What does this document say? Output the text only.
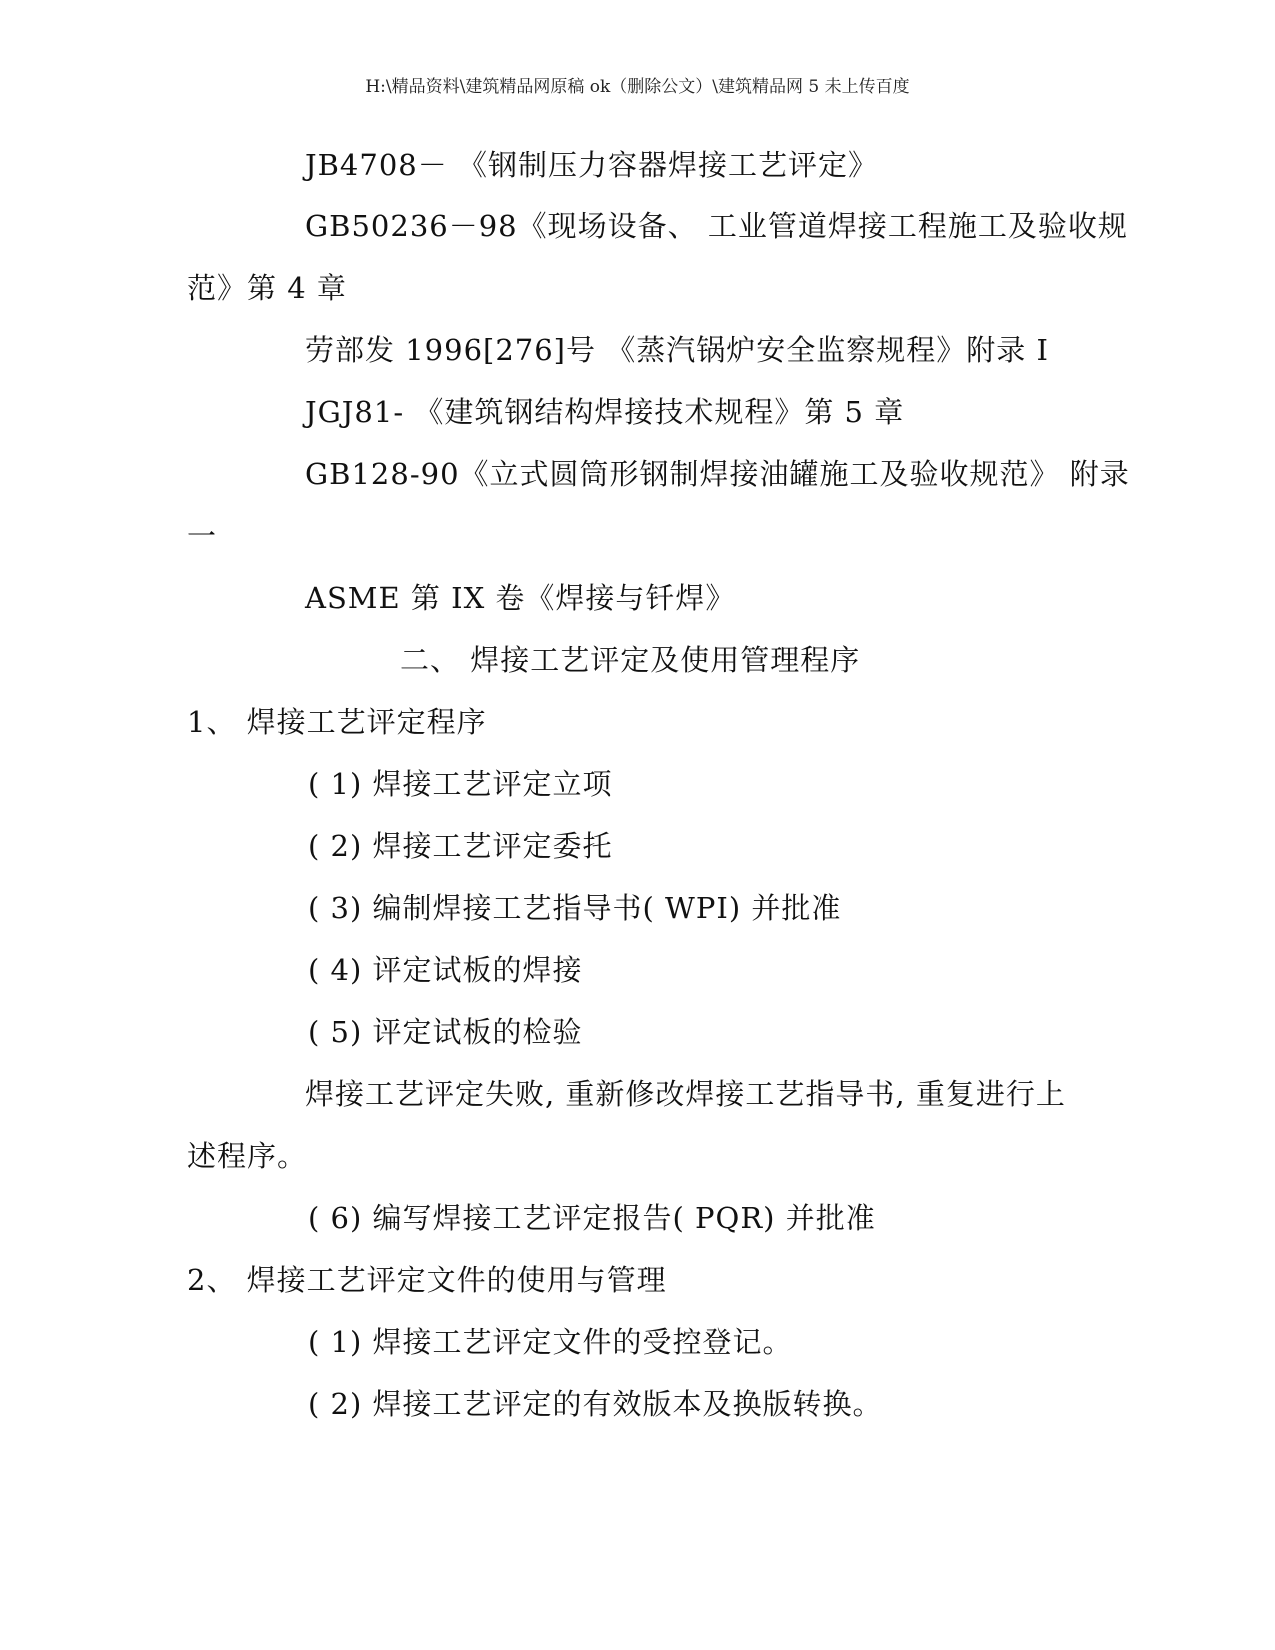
H:\精品资料\建筑精品网原稿 ok（删除公文）\建筑精品网 5 未上传百度
JB4708－ 《钢制压力容器焊接工艺评定》
GB50236－98《现场设备、 工业管道焊接工程施工及验收规
范》第 4 章
劳部发 1996[276]号 《蒸汽锅炉安全监察规程》附录 I
JGJ81- 《建筑钢结构焊接技术规程》第 5 章
GB128-90《立式圆筒形钢制焊接油罐施工及验收规范》 附录
一
ASME 第 IX 卷《焊接与钎焊》
二、 焊接工艺评定及使用管理程序
1、 焊接工艺评定程序
( 1) 焊接工艺评定立项
( 2) 焊接工艺评定委托
( 3) 编制焊接工艺指导书( WPI) 并批准
( 4) 评定试板的焊接
( 5) 评定试板的检验
焊接工艺评定失败, 重新修改焊接工艺指导书, 重复进行上
述程序。
( 6) 编写焊接工艺评定报告( PQR) 并批准
2、 焊接工艺评定文件的使用与管理
( 1) 焊接工艺评定文件的受控登记。
( 2) 焊接工艺评定的有效版本及换版转换。
